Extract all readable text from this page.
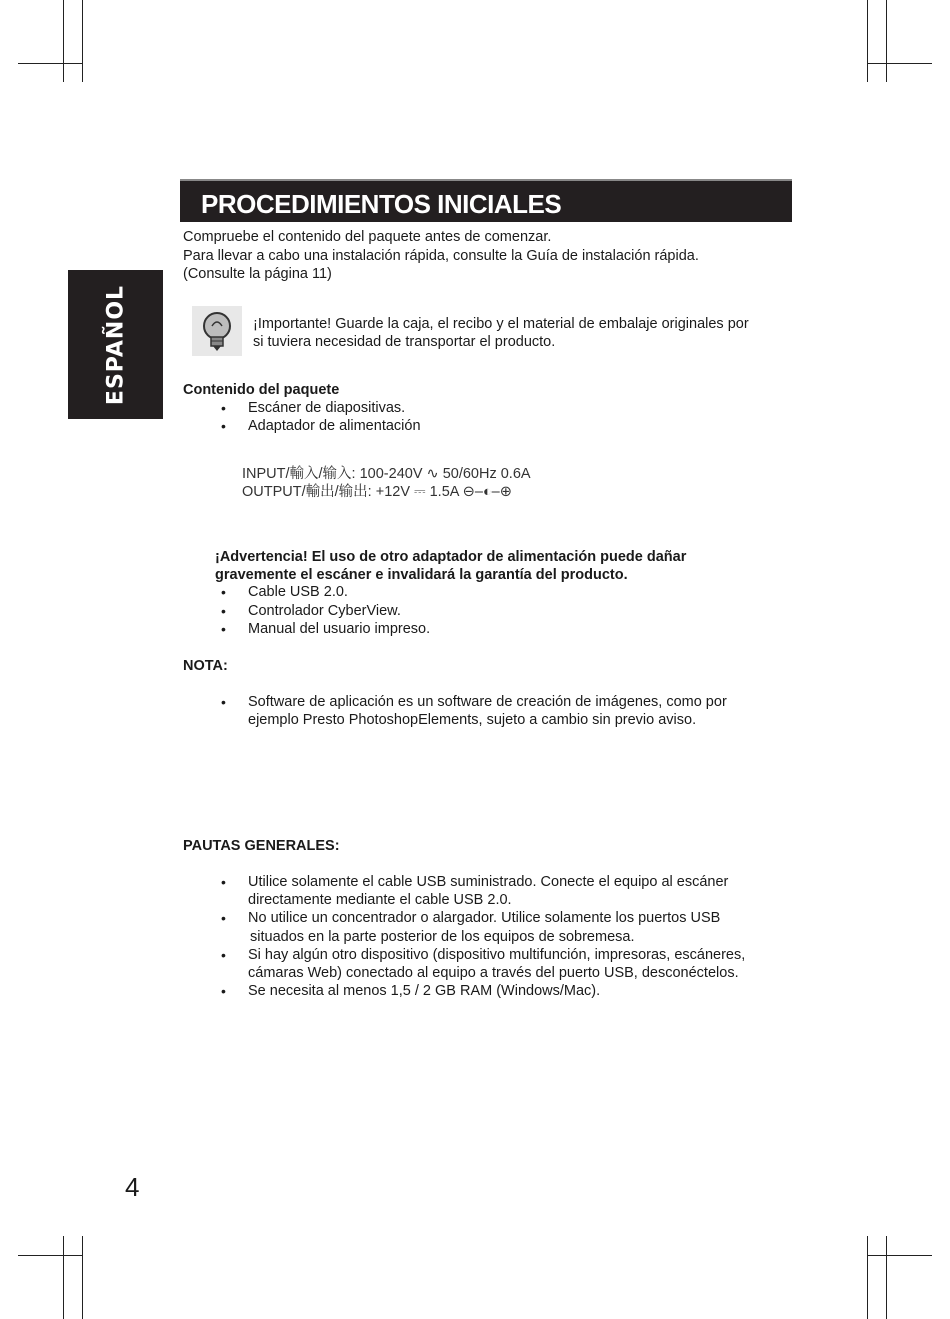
ESPAÑOL
PROCEDIMIENTOS INICIALES
Compruebe el contenido del paquete antes de comenzar.
Para llevar a cabo una instalación rápida, consulte la Guía de instalación rápida.
(Consulte la página 11)
¡Importante! Guarde la caja, el recibo y el material de embalaje originales por
si tuviera necesidad de transportar el producto.
Contenido del paquete
• Escáner de diapositivas.
• Adaptador de alimentación
INPUT/輸入/输入: 100-240V ∿ 50/60Hz 0.6A
OUTPUT/輸出/输出: +12V ⎓ 1.5A ⊖–◐–⊕
¡Advertencia! El uso de otro adaptador de alimentación puede dañar
gravemente el escáner e invalidará la garantía del producto.
• Cable USB 2.0.
• Controlador CyberView.
• Manual del usuario impreso.
NOTA:
• Software de aplicación es un software de creación de imágenes, como por
ejemplo Presto PhotoshopElements, sujeto a cambio sin previo aviso.
PAUTAS GENERALES:
• Utilice solamente el cable USB suministrado. Conecte el equipo al escáner
directamente mediante el cable USB 2.0.
• No utilice un concentrador o alargador. Utilice solamente los puertos USB
situados en la parte posterior de los equipos de sobremesa.
• Si hay algún otro dispositivo (dispositivo multifunción, impresoras, escáneres,
cámaras Web) conectado al equipo a través del puerto USB, desconéctelos.
• Se necesita al menos 1,5 / 2 GB RAM (Windows/Mac).
4
